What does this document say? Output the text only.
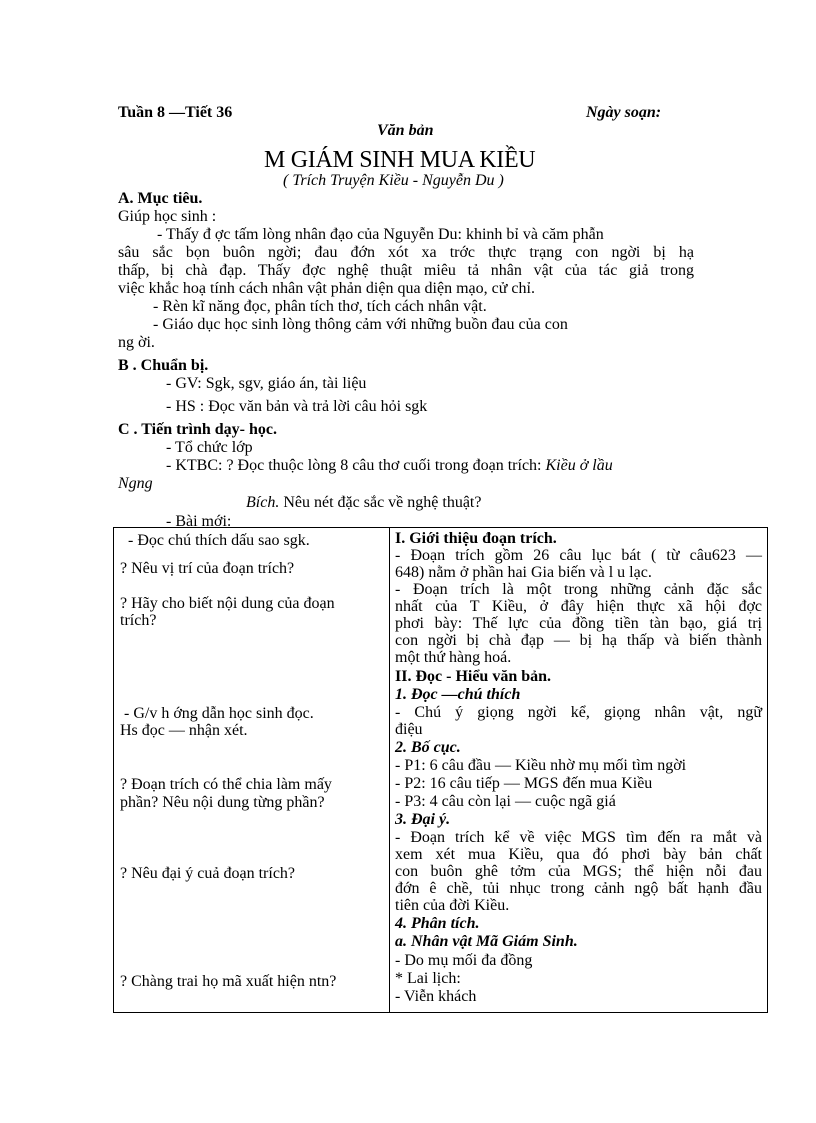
Tuần 8 —Tiết 36	Ngày soạn:
Văn bản
M GIÁM SINH MUA KIỀU
( Trích Truyện Kiều - Nguyễn Du )
A. Mục tiêu.
Giúp học sinh :
- Thấy đ ợc tấm lòng nhân đạo của Nguyễn Du: khinh bỉ và căm phẫn
sâu sắc bọn buôn ngời; đau đớn xót xa trớc thực trạng con ngời bị hạ
thấp, bị chà đạp. Thấy đợc nghệ thuật miêu tả nhân vật của tác giả trong
việc khắc hoạ tính cách nhân vật phản diện qua diện mạo, cử chỉ.
- Rèn kĩ năng đọc, phân tích thơ, tích cách nhân vật.
- Giáo dục học sinh lòng thông cảm với những buồn đau của con
ng ời.
B . Chuẩn bị.
- GV: Sgk, sgv, giáo án, tài liệu
- HS : Đọc văn bản và trả lời câu hỏi sgk
C . Tiến trình dạy- học.
- Tổ chức lớp
- KTBC: ? Đọc thuộc lòng 8 câu thơ cuối trong đoạn trích: Kiều ở lầu
Ngng
Bích. Nêu nét đặc sắc về nghệ thuật?
- Bài mới:
- Đọc chú thích dấu sao sgk.
? Nêu vị trí của đoạn trích?
? Hãy cho biết nội dung của đoạn
trích?
- G/v h ớng dẫn học sinh đọc.
Hs đọc — nhận xét.
? Đoạn trích có thể chia làm mấy
phần? Nêu nội dung từng phần?
? Nêu đại ý cuả đoạn trích?
? Chàng trai họ mã xuất hiện ntn?
I. Giới thiệu đoạn trích.
- Đoạn trích gồm 26 câu lục bát ( từ câu623 —
648) nằm ở phần hai Gia biến và l u lạc.
- Đoạn trích là một trong những cảnh đặc sắc
nhất của T Kiều, ở đây hiện thực xã hội đợc
phơi bày: Thế lực của đồng tiền tàn bạo, giá trị
con ngời bị chà đạp — bị hạ thấp và biến thành
một thứ hàng hoá.
II. Đọc - Hiểu văn bản.
1. Đọc —chú thích
- Chú ý giọng ngời kể, giọng nhân vật, ngữ
điệu
2. Bố cục.
- P1: 6 câu đầu — Kiều nhờ mụ mối tìm ngời
- P2: 16 câu tiếp — MGS đến mua Kiều
- P3: 4 câu còn lại — cuộc ngã giá
3. Đại ý.
- Đoạn trích kể về việc MGS tìm đến ra mắt và
xem xét mua Kiều, qua đó phơi bày bản chất
con buôn ghê tởm của MGS; thể hiện nỗi đau
đớn ê chề, tủi nhục trong cảnh ngộ bất hạnh đầu
tiên của đời Kiều.
4. Phân tích.
a. Nhân vật Mã Giám Sinh.
- Do mụ mối đa đồng
* Lai lịch:
- Viễn khách
